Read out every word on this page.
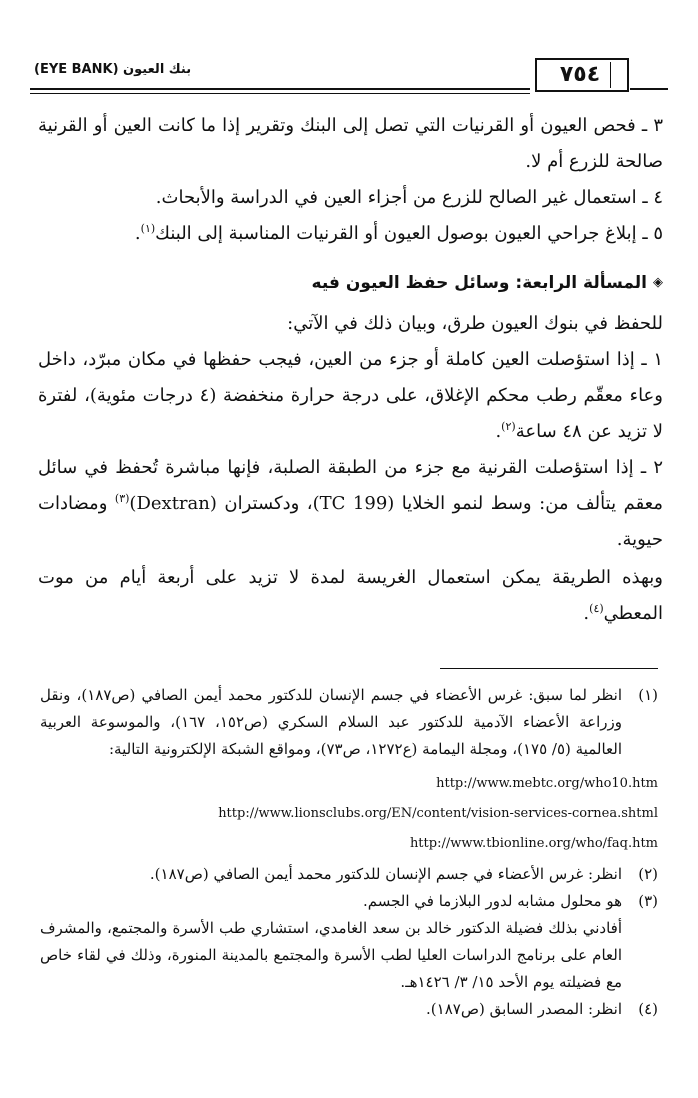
بنك العيون (EYE BANK)	٧٥٤

٣ ـ فحص العيون أو القرنيات التي تصل إلى البنك وتقرير إذا ما كانت العين أو القرنية صالحة للزرع أم لا.

٤ ـ استعمال غير الصالح للزرع من أجزاء العين في الدراسة والأبحاث.

٥ ـ إبلاغ جراحي العيون بوصول العيون أو القرنيات المناسبة إلى البنك$^{(١)}$.

◈المسألة الرابعة: وسائل حفظ العيون فيه

للحفظ في بنوك العيون طرق، وبيان ذلك في الآتي:

١ ـ إذا استؤصلت العين كاملة أو جزء من العين، فيجب حفظها في مكان مبرّد، داخل وعاء معقّم رطب محكم الإغلاق، على درجة حرارة منخفضة (٤ درجات مئوية)، لفترة لا تزيد عن ٤٨ ساعة$^{(٢)}$.

٢ ـ إذا استؤصلت القرنية مع جزء من الطبقة الصلبة، فإنها مباشرة تُحفظ في سائل معقم يتألف من: وسط لنمو الخلايا (TC 199)، ودكستران (Dextran)$^{(٣)}$ ومضادات حيوية.

وبهذه الطريقة يمكن استعمال الغريسة لمدة لا تزيد على أربعة أيام من موت المعطي$^{(٤)}$.

(١)
انظر لما سبق: غرس الأعضاء في جسم الإنسان للدكتور محمد أيمن الصافي (ص١٨٧)، ونقل وزراعة الأعضاء الآدمية للدكتور عبد السلام السكري (ص١٥٢، ١٦٧)، والموسوعة العربية العالمية (٥/ ١٧٥)، ومجلة اليمامة (ع١٢٧٢، ص٧٣)، ومواقع الشبكة الإلكترونية التالية:
http://www.mebtc.org/who10.htm
http://www.lionsclubs.org/EN/content/vision-services-cornea.shtml
http://www.tbionline.org/who/faq.htm
(٢)
انظر: غرس الأعضاء في جسم الإنسان للدكتور محمد أيمن الصافي (ص١٨٧).
(٣)
هو محلول مشابه لدور البلازما في الجسم.

أفادني بذلك فضيلة الدكتور خالد بن سعد الغامدي، استشاري طب الأسرة والمجتمع، والمشرف العام على برنامج الدراسات العليا لطب الأسرة والمجتمع بالمدينة المنورة، وذلك في لقاء خاص مع فضيلته يوم الأحد ١٥/ ٣/ ١٤٢٦هـ.

(٤)
انظر: المصدر السابق (ص١٨٧).
